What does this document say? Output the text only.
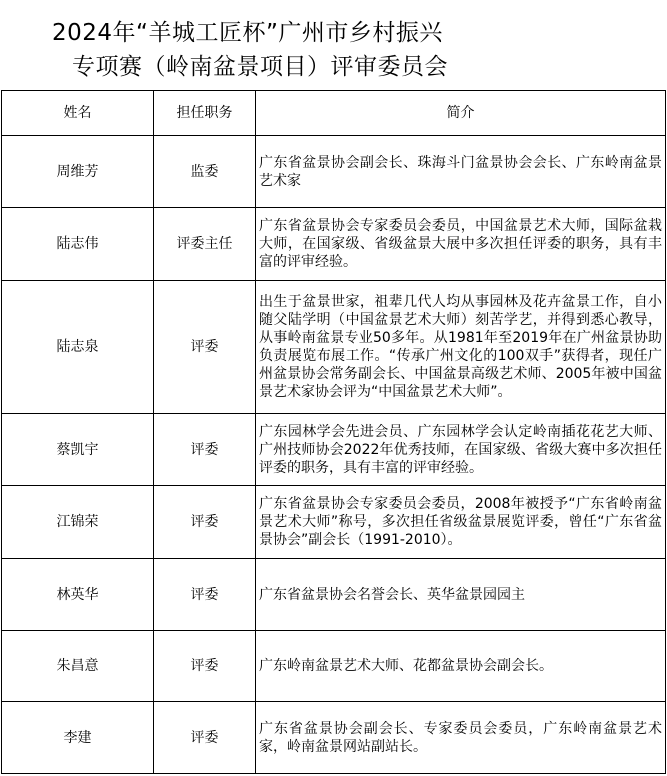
2024年“羊城工匠杯”广州市乡村振兴
专项赛（岭南盆景项目）评审委员会
姓名	担任职务	简介
周维芳	监委	广东省盆景协会副会长、珠海斗门盆景协会会长、广东岭南盆景艺术家
陆志伟	评委主任	广东省盆景协会专家委员会委员，中国盆景艺术大师，国际盆栽大师，在国家级、省级盆景大展中多次担任评委的职务，具有丰富的评审经验。
陆志泉	评委	出生于盆景世家，祖辈几代人均从事园林及花卉盆景工作，自小随父陆学明（中国盆景艺术大师）刻苦学艺，并得到悉心教导，从事岭南盆景专业50多年。从1981年至2019年在广州盆景协助负责展览布展工作。“传承广州文化的100双手”获得者，现任广州盆景协会常务副会长、中国盆景高级艺术师、2005年被中国盆景艺术家协会评为“中国盆景艺术大师”。
蔡凯宇	评委	广东园林学会先进会员、广东园林学会认定岭南插花花艺大师、广州技师协会2022年优秀技师，在国家级、省级大赛中多次担任评委的职务，具有丰富的评审经验。
江锦荣	评委	广东省盆景协会专家委员会委员，2008年被授予“广东省岭南盆景艺术大师”称号，多次担任省级盆景展览评委，曾任“广东省盆景协会”副会长（1991-2010）。
林英华	评委	广东省盆景协会名誉会长、英华盆景园园主
朱昌意	评委	广东岭南盆景艺术大师、花都盆景协会副会长。
李建	评委	广东省盆景协会副会长、专家委员会委员，广东岭南盆景艺术家，岭南盆景网站副站长。
